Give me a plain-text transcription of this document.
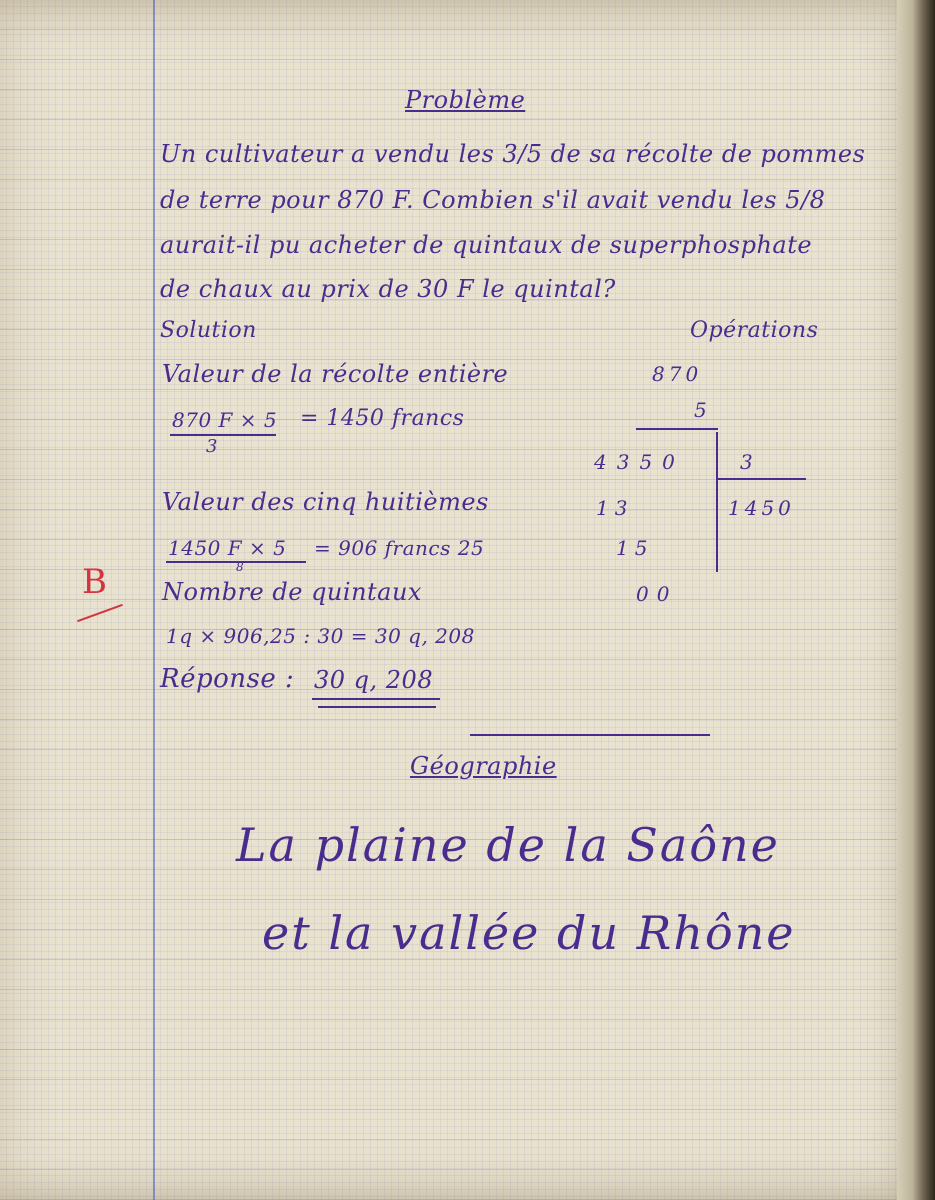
Problème
Un cultivateur a vendu les 3/5 de sa récolte de pommes
de terre pour 870 F. Combien s'il avait vendu les 5/8
aurait-il pu acheter de quintaux de superphosphate
de chaux au prix de 30 F le quintal?
Solution	Opérations
Valeur de la récolte entière
870 F × 5
3
= 1450 francs
Valeur des cinq huitièmes
1450 F × 5
8
= 906 francs 25
Nombre de quintaux
1q × 906,25 : 30 = 30 q, 208
Réponse : 30 q, 208
870
5
4350	3
1450
13
15
00
B
Géographie
La plaine de la Saône
et la vallée du Rhône
